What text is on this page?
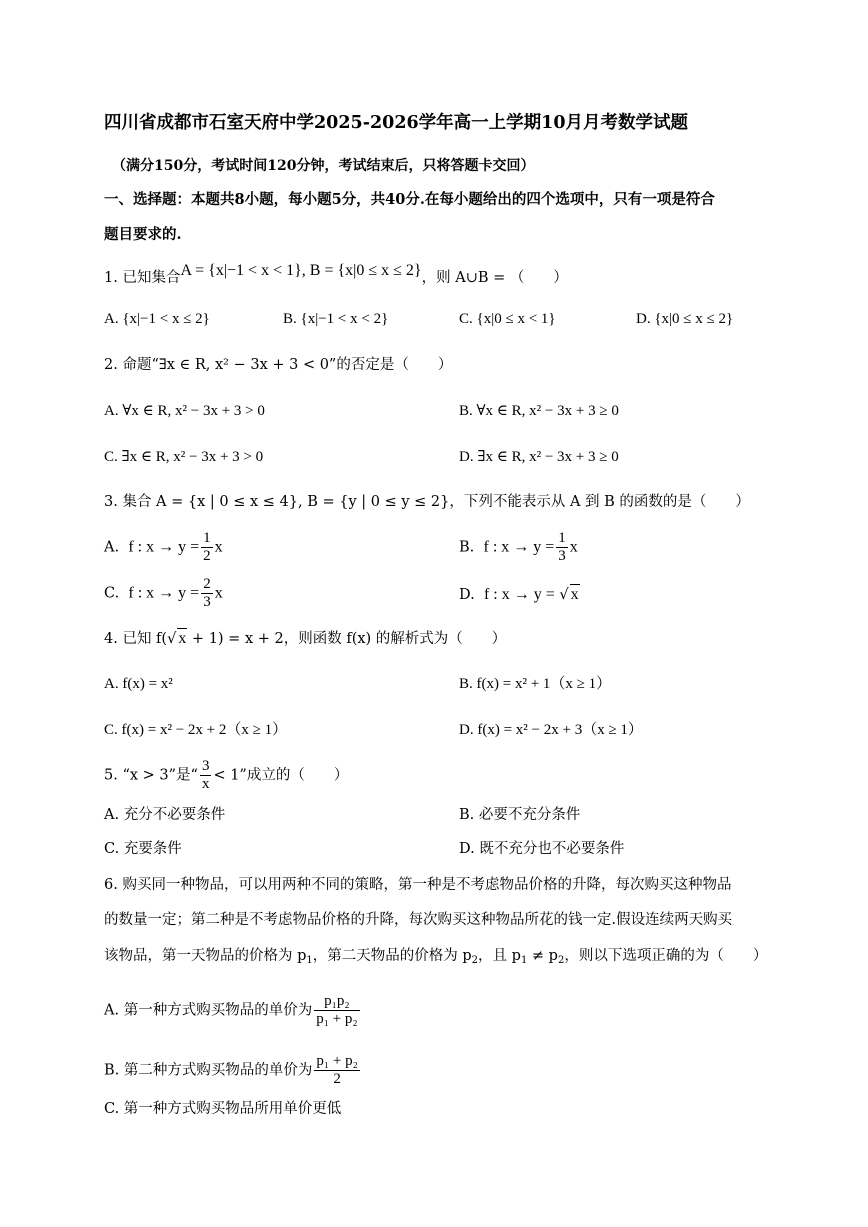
四川省成都市石室天府中学2025-2026学年高一上学期10月月考数学试题
（满分150分，考试时间120分钟，考试结束后，只将答题卡交回）
一、选择题：本题共8小题，每小题5分，共40分.在每小题给出的四个选项中，只有一项是符合
题目要求的.
1. 已知集合A = {x|−1 < x < 1}, B = {x|0 ≤ x ≤ 2}，则 A∪B = （　　）
A. {x|−1 < x ≤ 2}	B. {x|−1 < x < 2}	C. {x|0 ≤ x < 1}	D. {x|0 ≤ x ≤ 2}
2. 命题“∃x ∈ R, x² − 3x + 3 < 0”的否定是（　　）
A. ∀x ∈ R, x² − 3x + 3 > 0	B. ∀x ∈ R, x² − 3x + 3 ≥ 0
C. ∃x ∈ R, x² − 3x + 3 > 0	D. ∃x ∈ R, x² − 3x + 3 ≥ 0
3. 集合 A = {x | 0 ≤ x ≤ 4}, B = {y | 0 ≤ y ≤ 2}，下列不能表示从 A 到 B 的函数的是（　　）
A. f : $x \to y = \frac{1}{2}$ x	B. f : $x \to y = \frac{1}{3}$ x
C. f : $x \to y = \frac{2}{3}$ x	D. f : x → y = √ x
4. 已知 f(√ x + 1) = x + 2，则函数 f(x) 的解析式为（　　）
A. f(x) = x²	B. f(x) = x² + 1（x ≥ 1）
C. f(x) = x² − 2x + 2（x ≥ 1）	D. f(x) = x² − 2x + 3（x ≥ 1）
5. “x > 3”是“ $\frac{3}{x} < 1$”成立的（　　）
A. 充分不必要条件	B. 必要不充分条件
C. 充要条件	D. 既不充分也不必要条件
6. 购买同一种物品，可以用两种不同的策略，第一种是不考虑物品价格的升降，每次购买这种物品
的数量一定；第二种是不考虑物品价格的升降，每次购买这种物品所花的钱一定.假设连续两天购买
该物品，第一天物品的价格为 $p_1$，第二天物品的价格为 $p_2$，且 $p_1 \ne p_2$，则以下选项正确的为（　　）
A. 第一种方式购买物品的单价为 $\frac{\text{p₁p₂}}{\text{p₁ + p₂}}$
B. 第二种方式购买物品的单价为 $\frac{\text{p₁ + p₂}}{2}$
C. 第一种方式购买物品所用单价更低
